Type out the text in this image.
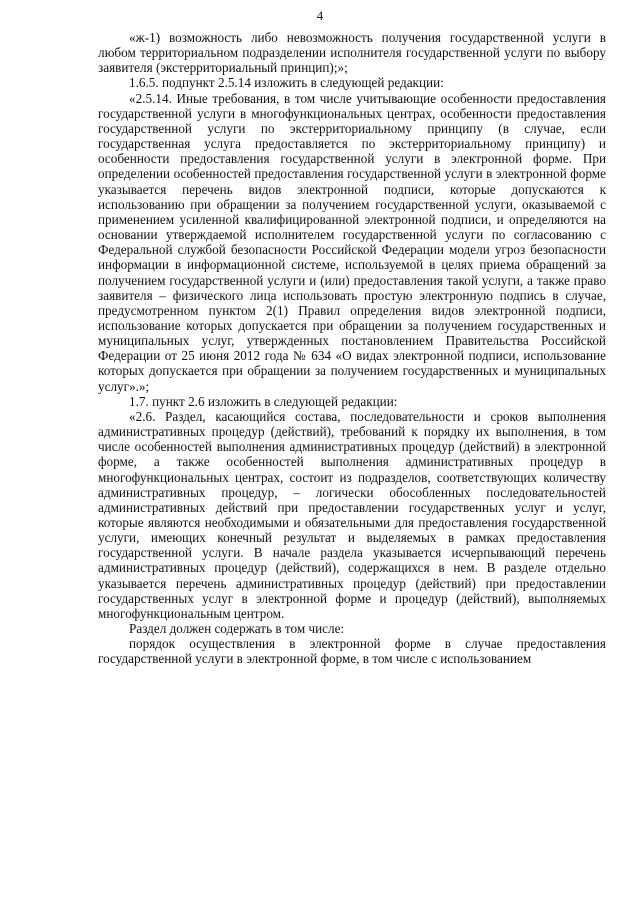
4

«ж-1) возможность либо невозможность получения государственной услуги в любом территориальном подразделении исполнителя государственной услуги по выбору заявителя (экстерриториальный принцип);»;

1.6.5. подпункт 2.5.14 изложить в следующей редакции:

«2.5.14. Иные требования, в том числе учитывающие особенности предоставления государственной услуги в многофункциональных центрах, особенности предоставления государственной услуги по экстерриториальному принципу (в случае, если государственная услуга предоставляется по экстерриториальному принципу) и особенности предоставления государственной услуги в электронной форме. При определении особенностей предоставления государственной услуги в электронной форме указывается перечень видов электронной подписи, которые допускаются к использованию при обращении за получением государственной услуги, оказываемой с применением усиленной квалифицированной электронной подписи, и определяются на основании утверждаемой исполнителем государственной услуги по согласованию с Федеральной службой безопасности Российской Федерации модели угроз безопасности информации в информационной системе, используемой в целях приема обращений за получением государственной услуги и (или) предоставления такой услуги, а также право заявителя – физического лица использовать простую электронную подпись в случае, предусмотренном пунктом 2(1) Правил определения видов электронной подписи, использование которых допускается при обращении за получением государственных и муниципальных услуг, утвержденных постановлением Правительства Российской Федерации от 25 июня 2012 года № 634 «О видах электронной подписи, использование которых допускается при обращении за получением государственных и муниципальных услуг».»;

1.7. пункт 2.6 изложить в следующей редакции:

«2.6. Раздел, касающийся состава, последовательности и сроков выполнения административных процедур (действий), требований к порядку их выполнения, в том числе особенностей выполнения административных процедур (действий) в электронной форме, а также особенностей выполнения административных процедур в многофункциональных центрах, состоит из подразделов, соответствующих количеству административных процедур, – логически обособленных последовательностей административных действий при предоставлении государственных услуг и услуг, которые являются необходимыми и обязательными для предоставления государственной услуги, имеющих конечный результат и выделяемых в рамках предоставления государственной услуги. В начале раздела указывается исчерпывающий перечень административных процедур (действий), содержащихся в нем. В разделе отдельно указывается перечень административных процедур (действий) при предоставлении государственных услуг в электронной форме и процедур (действий), выполняемых многофункциональным центром.

Раздел должен содержать в том числе:

порядок осуществления в электронной форме в случае предоставления государственной услуги в электронной форме, в том числе с использованием
